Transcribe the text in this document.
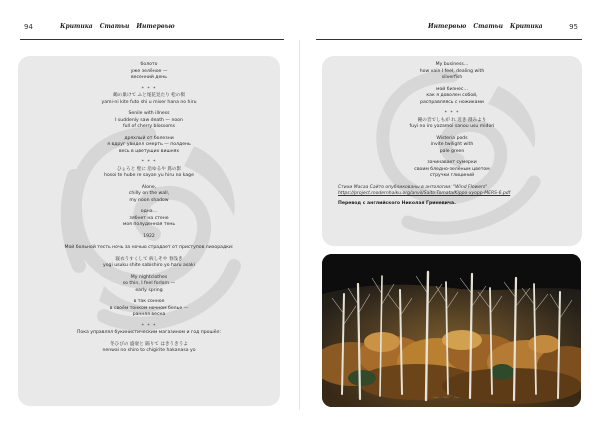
94	Критика Статьи Интервью	Интервью Статьи Критика	95
болото
уже зелёное —
весенний день
* * *
鶴の巣けて ふと尾花見たり 松の嶺
yami-ni kite futo shi u miser hana no hiru
Senile with illness
I suddenly saw death — noon
full of cherry blossoms
дряхлый от болезни
я вдруг увидел смерть — полдень
весь в цветущих вишнях
* * *
ひょろと 壁に 沿ゆるや 蔦の影
hosoi te hube re sayan yu hiru no kage
Alone,
chilly on the wall,
my noon shadow
одна…
зябнет на стене
моя полуденная тень
1922
Мой больной тесть ночь за ночью страдает от приступов лихорадки:
寝衣うすくして 病しそや 春浅き
yogi usuku shite sabishiro yo haru asaki
My nightclothes
so thin, I feel forlorn —
early spring
в так сонное
в своём тонком ночном белье —
ранняя весна
* * *
Пока управлял букинистическим магазином и год прошёл:
冬ひびの 盛衰と 隔りて はきうきうよ
nenwai no shiro to chigirite hakanasa yo
My business…
how vain I feel, dealing with
silverfish
мой бизнес…
как я доволен собой,
расправляясь с ножиками
* * *
鐘の音でしもが れ 近き 澄みより
fuyi no iro yazamoi sanou usu midori
Wisteria pods
invite twilight with
pale green
зачинавает сумерки
своим бледно-зелёным цветом
стручки глициний
Стихи Масаа Сайто опубликованы в антологии: "Wind Flowers"
https://project.modernhaiku.org/anvil/Saito-Tomata/Kippo-xyopp-MERS-6.pdf
Перевод с английского Николая Гриневича.
~ ∽ ~
